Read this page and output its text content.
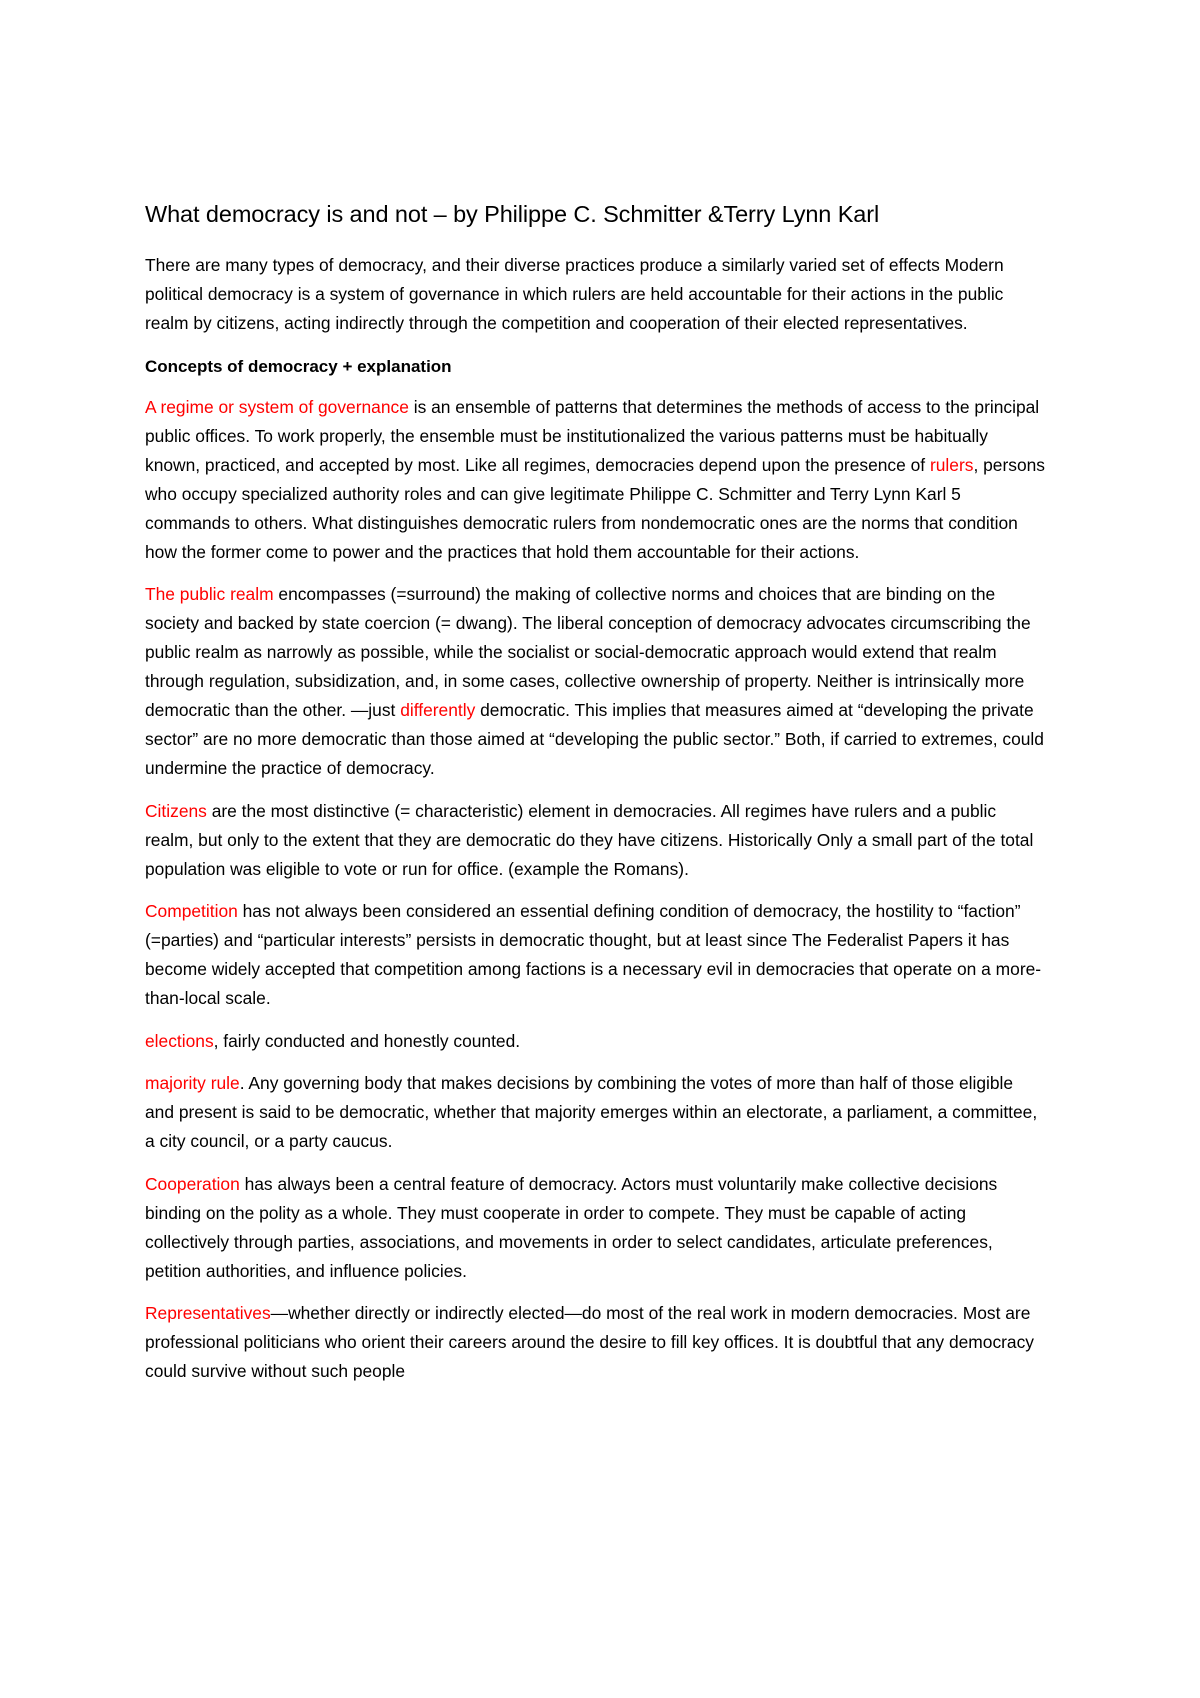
What democracy is and not – by Philippe C. Schmitter &Terry Lynn Karl

There are many types of democracy, and their diverse practices produce a similarly varied set of effects Modern political democracy is a system of governance in which rulers are held accountable for their actions in the public realm by citizens, acting indirectly through the competition and cooperation of their elected representatives.

Concepts of democracy + explanation

A regime or system of governance is an ensemble of patterns that determines the methods of access to the principal public offices. To work properly, the ensemble must be institutionalized the various patterns must be habitually known, practiced, and accepted by most. Like all regimes, democracies depend upon the presence of rulers, persons who occupy specialized authority roles and can give legitimate Philippe C. Schmitter and Terry Lynn Karl 5 commands to others. What distinguishes democratic rulers from nondemocratic ones are the norms that condition how the former come to power and the practices that hold them accountable for their actions.

The public realm encompasses (=surround) the making of collective norms and choices that are binding on the society and backed by state coercion (= dwang). The liberal conception of democracy advocates circumscribing the public realm as narrowly as possible, while the socialist or social-democratic approach would extend that realm through regulation, subsidization, and, in some cases, collective ownership of property. Neither is intrinsically more democratic than the other. —just differently democratic. This implies that measures aimed at “developing the private sector” are no more democratic than those aimed at “developing the public sector.” Both, if carried to extremes, could undermine the practice of democracy.

Citizens are the most distinctive (= characteristic) element in democracies. All regimes have rulers and a public realm, but only to the extent that they are democratic do they have citizens. Historically Only a small part of the total population was eligible to vote or run for office. (example the Romans).

Competition has not always been considered an essential defining condition of democracy, the hostility to “faction” (=parties) and “particular interests” persists in democratic thought, but at least since The Federalist Papers it has become widely accepted that competition among factions is a necessary evil in democracies that operate on a more-than-local scale.

elections, fairly conducted and honestly counted.

majority rule. Any governing body that makes decisions by combining the votes of more than half of those eligible and present is said to be democratic, whether that majority emerges within an electorate, a parliament, a committee, a city council, or a party caucus.

Cooperation has always been a central feature of democracy. Actors must voluntarily make collective decisions binding on the polity as a whole. They must cooperate in order to compete. They must be capable of acting collectively through parties, associations, and movements in order to select candidates, articulate preferences, petition authorities, and influence policies.

Representatives—whether directly or indirectly elected—do most of the real work in modern democracies. Most are professional politicians who orient their careers around the desire to fill key offices. It is doubtful that any democracy could survive without such people
